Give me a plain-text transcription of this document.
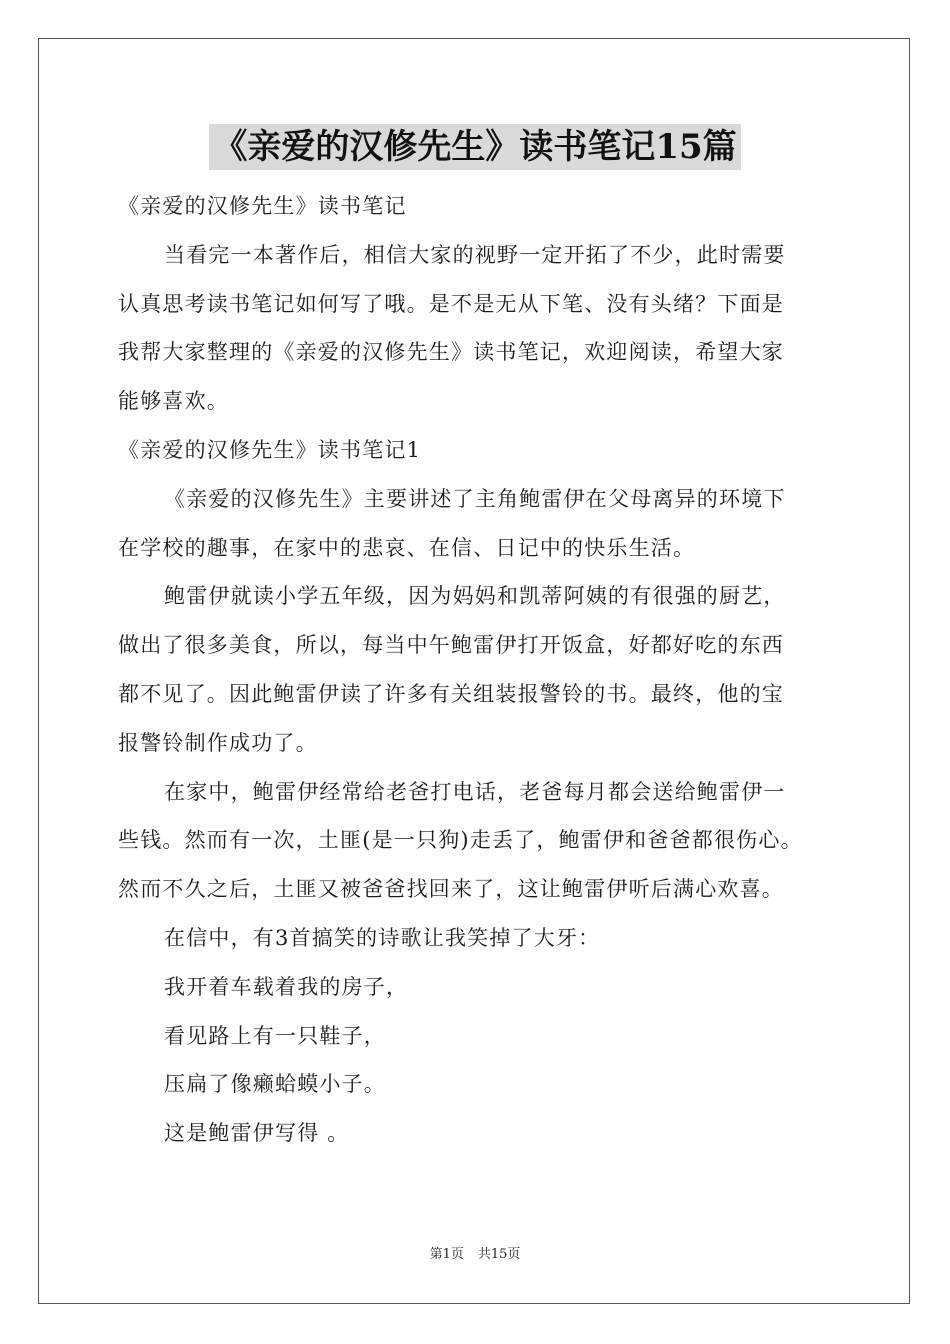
《亲爱的汉修先生》读书笔记15篇
《亲爱的汉修先生》读书笔记
当看完一本著作后，相信大家的视野一定开拓了不少，此时需要
认真思考读书笔记如何写了哦。是不是无从下笔、没有头绪？下面是
我帮大家整理的《亲爱的汉修先生》读书笔记，欢迎阅读，希望大家
能够喜欢。
《亲爱的汉修先生》读书笔记1
《亲爱的汉修先生》主要讲述了主角鲍雷伊在父母离异的环境下
在学校的趣事，在家中的悲哀、在信、日记中的快乐生活。
鲍雷伊就读小学五年级，因为妈妈和凯蒂阿姨的有很强的厨艺，
做出了很多美食，所以，每当中午鲍雷伊打开饭盒，好都好吃的东西
都不见了。因此鲍雷伊读了许多有关组装报警铃的书。最终，他的宝
报警铃制作成功了。
在家中，鲍雷伊经常给老爸打电话，老爸每月都会送给鲍雷伊一
些钱。然而有一次，土匪(是一只狗)走丢了，鲍雷伊和爸爸都很伤心。
然而不久之后，土匪又被爸爸找回来了，这让鲍雷伊听后满心欢喜。
在信中，有3首搞笑的诗歌让我笑掉了大牙：
我开着车载着我的房子，
看见路上有一只鞋子，
压扁了像癞蛤蟆小子。
这是鲍雷伊写得 。
第1页 共15页
